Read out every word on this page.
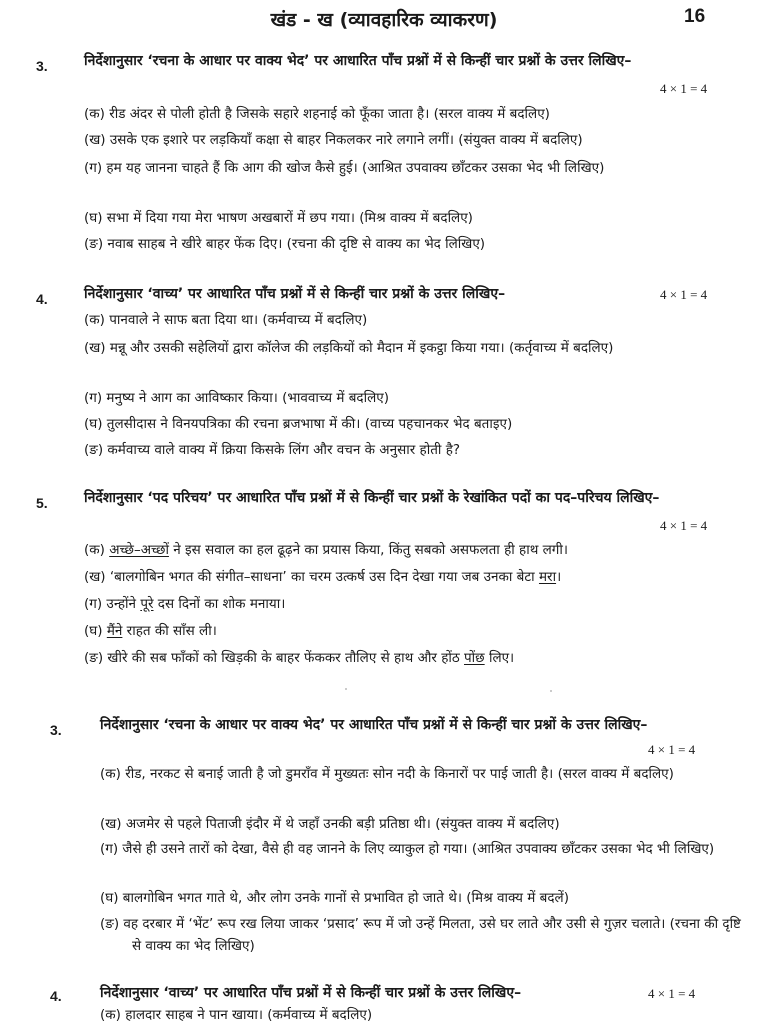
खंड - ख (व्यावहारिक व्याकरण)	16
3.	निर्देशानुसार ‘रचना के आधार पर वाक्य भेद’ पर आधारित पाँच प्रश्नों में से किन्हीं चार प्रश्नों के उत्तर लिखिए–
4 × 1 = 4
(क) रीड अंदर से पोली होती है जिसके सहारे शहनाई को फूँका जाता है। (सरल वाक्य में बदलिए)
(ख) उसके एक इशारे पर लड़कियाँ कक्षा से बाहर निकलकर नारे लगाने लगीं। (संयुक्त वाक्य में बदलिए)
(ग) हम यह जानना चाहते हैं कि आग की खोज कैसे हुई। (आश्रित उपवाक्य छाँटकर उसका भेद भी लिखिए)
(घ) सभा में दिया गया मेरा भाषण अखबारों में छप गया। (मिश्र वाक्य में बदलिए)
(ङ) नवाब साहब ने खीरे बाहर फेंक दिए। (रचना की दृष्टि से वाक्य का भेद लिखिए)
4.	निर्देशानुसार ‘वाच्य’ पर आधारित पाँच प्रश्नों में से किन्हीं चार प्रश्नों के उत्तर लिखिए–	4 × 1 = 4
(क) पानवाले ने साफ बता दिया था। (कर्मवाच्य में बदलिए)
(ख) मन्नू और उसकी सहेलियों द्वारा कॉलेज की लड़कियों को मैदान में इकट्ठा किया गया। (कर्तृवाच्य में बदलिए)
(ग) मनुष्य ने आग का आविष्कार किया। (भाववाच्य में बदलिए)
(घ) तुलसीदास ने विनयपत्रिका की रचना ब्रजभाषा में की। (वाच्य पहचानकर भेद बताइए)
(ङ) कर्मवाच्य वाले वाक्य में क्रिया किसके लिंग और वचन के अनुसार होती है?
5.	निर्देशानुसार ‘पद परिचय’ पर आधारित पाँच प्रश्नों में से किन्हीं चार प्रश्नों के रेखांकित पदों का पद–परिचय लिखिए–
4 × 1 = 4
(क) अच्छे–अच्छों ने इस सवाल का हल ढूढ़ने का प्रयास किया, किंतु सबको असफलता ही हाथ लगी।
(ख) ‘बालगोबिन भगत की संगीत–साधना’ का चरम उत्कर्ष उस दिन देखा गया जब उनका बेटा मरा।
(ग) उन्होंने पूरे दस दिनों का शोक मनाया।
(घ) मैंने राहत की साँस ली।
(ङ) खीरे की सब फाँकों को खिड़की के बाहर फेंककर तौलिए से हाथ और होंठ पोंछ लिए।
3.	निर्देशानुसार ‘रचना के आधार पर वाक्य भेद’ पर आधारित पाँच प्रश्नों में से किन्हीं चार प्रश्नों के उत्तर लिखिए–
4 × 1 = 4
(क) रीड, नरकट से बनाई जाती है जो डुमराँव में मुख्यतः सोन नदी के किनारों पर पाई जाती है। (सरल वाक्य में बदलिए)
(ख) अजमेर से पहले पिताजी इंदौर में थे जहाँ उनकी बड़ी प्रतिष्ठा थी। (संयुक्त वाक्य में बदलिए)
(ग) जैसे ही उसने तारों को देखा, वैसे ही वह जानने के लिए व्याकुल हो गया। (आश्रित उपवाक्य छाँटकर उसका भेद भी लिखिए)
(घ) बालगोबिन भगत गाते थे, और लोग उनके गानों से प्रभावित हो जाते थे। (मिश्र वाक्य में बदलें)
(ङ) वह दरबार में ‘भेंट’ रूप रख लिया जाकर ‘प्रसाद’ रूप में जो उन्हें मिलता, उसे घर लाते और उसी से गुज़र चलाते। (रचना की दृष्टि से वाक्य का भेद लिखिए)
4.	निर्देशानुसार ‘वाच्य’ पर आधारित पाँच प्रश्नों में से किन्हीं चार प्रश्नों के उत्तर लिखिए–	4 × 1 = 4
(क) हालदार साहब ने पान खाया। (कर्मवाच्य में बदलिए)
